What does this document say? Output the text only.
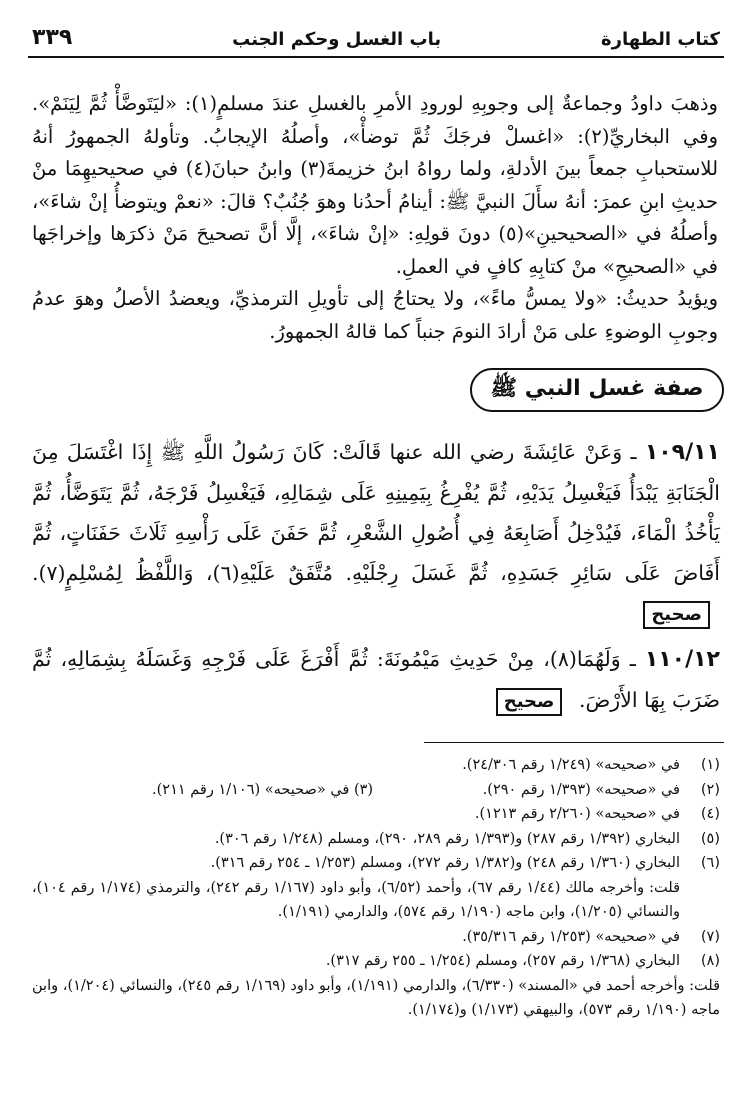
كتاب الطهارة
باب الغسل وحكم الجنب
٣٣٩

وذهبَ داودُ وجماعةٌ إلى وجوبِهِ لورودِ الأمرِ بالغسلِ عندَ مسلمٍ(١): «ليَتَوضَّأْ ثُمَّ لِيَنَمْ». وفي البخاريِّ(٢): «اغسلْ فرجَكَ ثُمَّ توضأْ»، وأصلُهُ الإيجابُ. وتأولهُ الجمهورُ أنهُ للاستحبابِ جمعاً بينَ الأدلةِ، ولما رواهُ ابنُ خزيمةَ(٣) وابنُ حبانَ(٤) في صحيحيهِمَا منْ حديثِ ابنِ عمرَ: أنهُ سأَلَ النبيَّ ﷺ: أينامُ أحدُنا وهوَ جُنُبٌ؟ قالَ: «نعمْ ويتوضأُ إنْ شاءَ»، وأصلُهُ في «الصحيحينِ»(٥) دونَ قولِهِ: «إنْ شاءَ»، إلَّا أنَّ تصحيحَ مَنْ ذكرَها وإخراجَها في «الصحيحِ» منْ كتابِهِ كافٍ في العملِ.

ويؤيدُ حديثُ: «ولا يمسُّ ماءً»، ولا يحتاجُ إلى تأويلِ الترمذيِّ، ويعضدُ الأصلُ وهوَ عدمُ وجوبِ الوضوءِ على مَنْ أرادَ النومَ جنباً كما قالهُ الجمهورُ.

صفة غسل النبي ﷺ

١٠٩/١١ ـ وَعَنْ عَائِشَةَ رضي الله عنها قَالَتْ: كَانَ رَسُولُ اللَّهِ ﷺ إِذَا اغْتَسَلَ مِنَ الْجَنَابَةِ يَبْدَأُ فَيَغْسِلُ يَدَيْهِ، ثُمَّ يُفْرِغُ بِيَمِينِهِ عَلَى شِمَالِهِ، فَيَغْسِلُ فَرْجَهُ، ثُمَّ يَتَوَضَّأُ، ثُمَّ يَأْخُذُ الْمَاءَ، فَيُدْخِلُ أَصَابِعَهُ فِي أُصُولِ الشَّعْرِ، ثُمَّ حَفَنَ عَلَى رَأْسِهِ ثَلَاثَ حَفَنَاتٍ، ثُمَّ أَفَاضَ عَلَى سَائِرِ جَسَدِهِ، ثُمَّ غَسَلَ رِجْلَيْهِ. مُتَّفَقٌ عَلَيْهِ(٦)، وَاللَّفْظُ لِمُسْلِمٍ(٧). صحيح

١١٠/١٢ ـ وَلَهُمَا(٨)، مِنْ حَدِيثِ مَيْمُونَةَ: ثُمَّ أَفْرَغَ عَلَى فَرْجِهِ وَغَسَلَهُ بِشِمَالِهِ، ثُمَّ ضَرَبَ بِهَا الأَرْضَ. صحيح

(١)
في «صحيحه» (١/٢٤٩ رقم ٢٤/٣٠٦).
(٢)
في «صحيحه» (١/٣٩٣ رقم ٢٩٠).
(٣) في «صحيحه» (١/١٠٦ رقم ٢١١).
(٤)
في «صحيحه» (٢/٢٦٠ رقم ١٢١٣).
(٥)
البخاري (١/٣٩٢ رقم ٢٨٧) و(١/٣٩٣ رقم ٢٨٩، ٢٩٠)، ومسلم (١/٢٤٨ رقم ٣٠٦).
(٦)
البخاري (١/٣٦٠ رقم ٢٤٨) و(١/٣٨٢ رقم ٢٧٢)، ومسلم (١/٢٥٣ ـ ٢٥٤ رقم ٣١٦).
قلت: وأخرجه مالك (١/٤٤ رقم ٦٧)، وأحمد (٦/٥٢)، وأبو داود (١/١٦٧ رقم ٢٤٢)، والترمذي (١/١٧٤ رقم ١٠٤)، والنسائي (١/٢٠٥)، وابن ماجه (١/١٩٠ رقم ٥٧٤)، والدارمي (١/١٩١).
(٧)
في «صحيحه» (١/٢٥٣ رقم ٣٥/٣١٦).
(٨)
البخاري (١/٣٦٨ رقم ٢٥٧)، ومسلم (١/٢٥٤ ـ ٢٥٥ رقم ٣١٧).
قلت: وأخرجه أحمد في «المسند» (٦/٣٣٠)، والدارمي (١/١٩١)، وأبو داود (١/١٦٩ رقم ٢٤٥)، والنسائي (١/٢٠٤)، وابن ماجه (١/١٩٠ رقم ٥٧٣)، والبيهقي (١/١٧٣) و(١/١٧٤).
